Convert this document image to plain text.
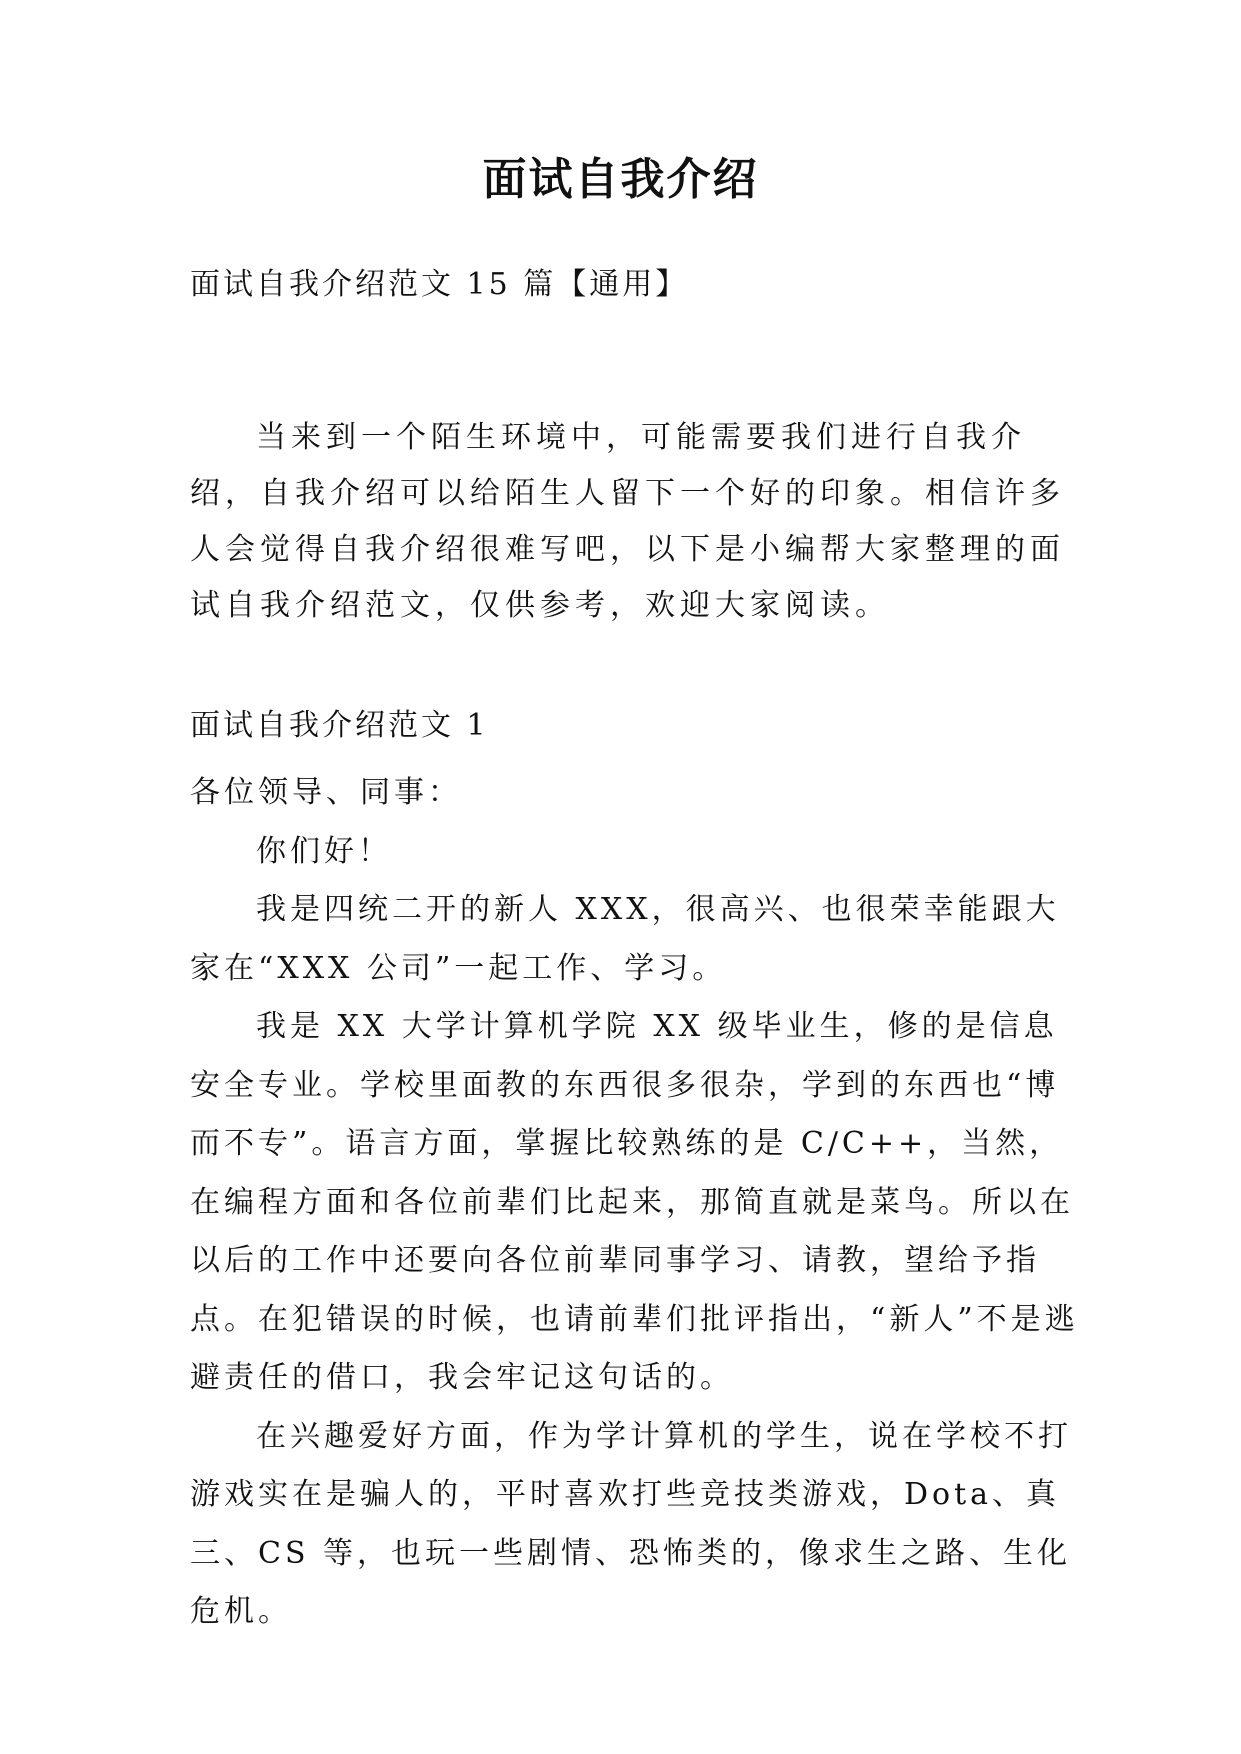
面试自我介绍
面试自我介绍范文 15 篇【通用】

当来到一个陌生环境中，可能需要我们进行自我介绍，自我介绍可以给陌生人留下一个好的印象。相信许多人会觉得自我介绍很难写吧，以下是小编帮大家整理的面试自我介绍范文，仅供参考，欢迎大家阅读。

面试自我介绍范文 1

各位领导、同事：

你们好！

我是四统二开的新人 XXX，很高兴、也很荣幸能跟大家在“XXX 公司”一起工作、学习。

我是 XX 大学计算机学院 XX 级毕业生，修的是信息安全专业。学校里面教的东西很多很杂，学到的东西也“博而不专”。语言方面，掌握比较熟练的是 C/C++，当然，在编程方面和各位前辈们比起来，那简直就是菜鸟。所以在以后的工作中还要向各位前辈同事学习、请教，望给予指点。在犯错误的时候，也请前辈们批评指出，“新人”不是逃避责任的借口，我会牢记这句话的。

在兴趣爱好方面，作为学计算机的学生，说在学校不打游戏实在是骗人的，平时喜欢打些竞技类游戏，Dota、真三、CS 等，也玩一些剧情、恐怖类的，像求生之路、生化危机。
